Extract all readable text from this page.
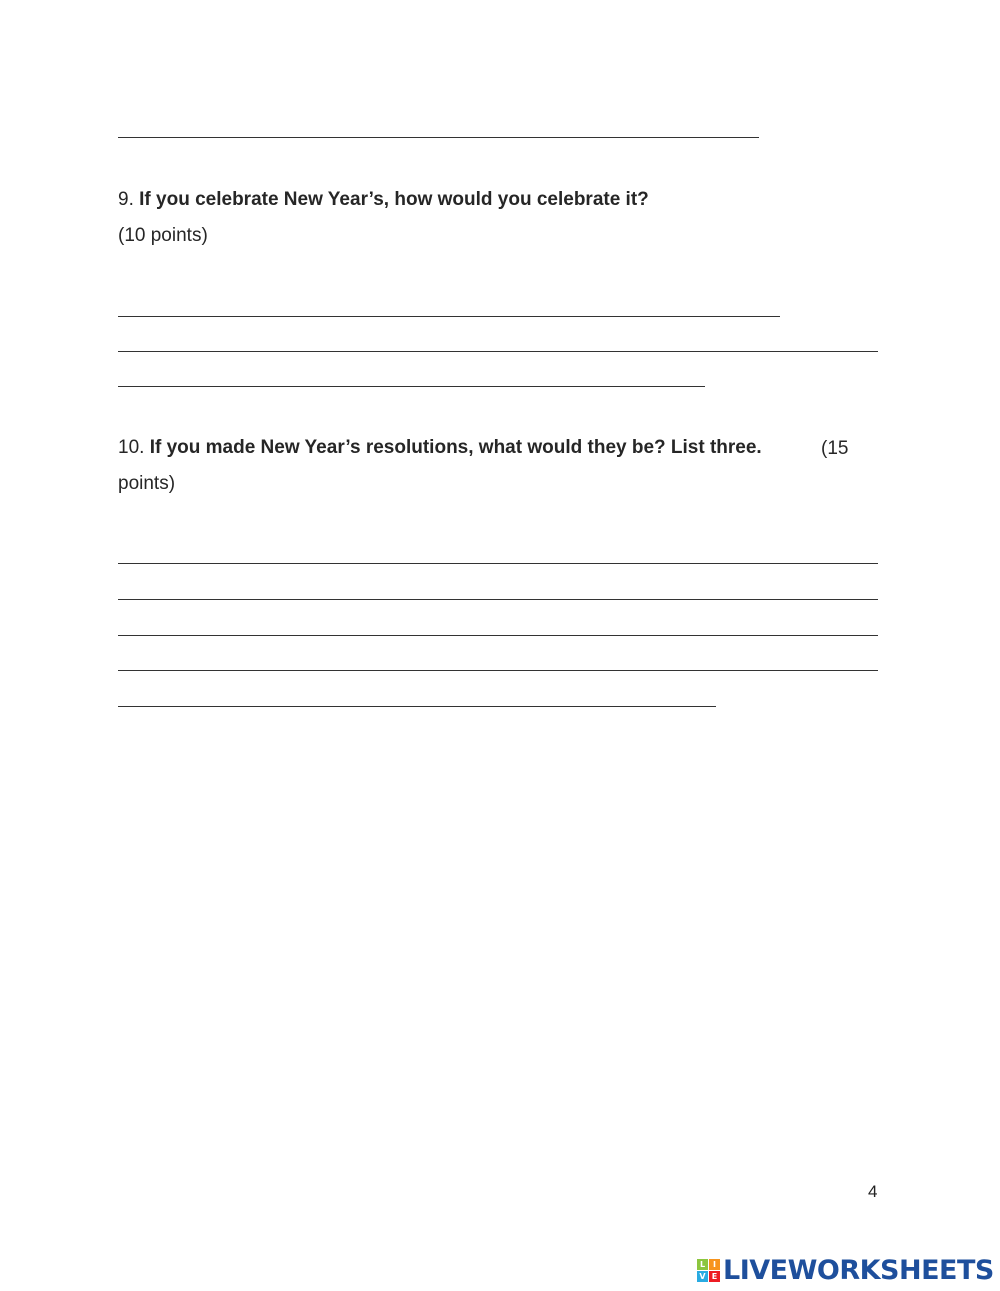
9. If you celebrate New Year’s, how would you celebrate it?
(10 points)
10. If you made New Year’s resolutions, what would they be? List three.	(15
points)
4
L I
V E LIVEWORKSHEETS
